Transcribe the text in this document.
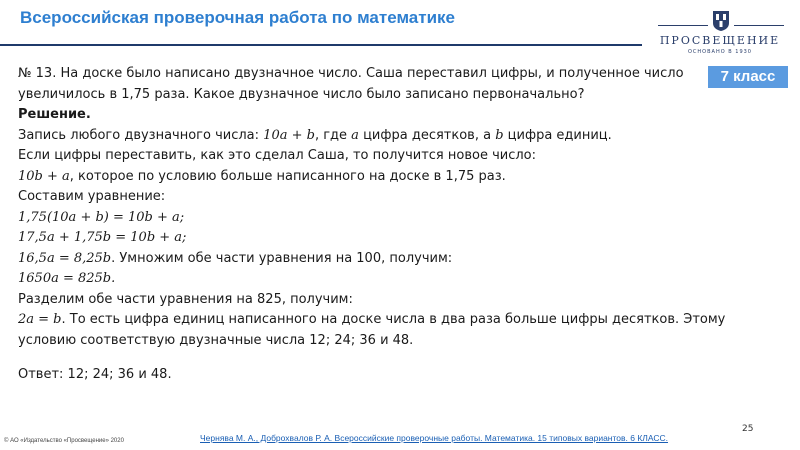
Всероссийская проверочная работа по математике
ПРОСВЕЩЕНИЕ
ОСНОВАНО В 1930
7 класс
№ 13. На доске было написано двузначное число. Саша переставил цифры, и полученное число
увеличилось в 1,75 раза. Какое двузначное число было записано первоначально?
Решение.
Запись любого двузначного числа: 10a + b, где a цифра десятков, а b цифра единиц.
Если цифры переставить, как это сделал Саша, то получится новое число:
10b + a, которое по условию больше написанного на доске в 1,75 раз.
Составим уравнение:
1,75(10a + b) = 10b + a;
17,5a + 1,75b = 10b + a;
16,5a = 8,25b. Умножим обе части уравнения на 100, получим:
1650a = 825b.
Разделим обе части уравнения на 825, получим:
2a = b. То есть цифра единиц написанного на доске числа в два раза больше цифры десятков. Этому
условию соответствую двузначные числа 12; 24; 36 и 48.
Ответ: 12; 24; 36 и 48.
25
Чернява М. А., Доброхвалов Р. А. Всероссийские проверочные работы. Математика. 15 типовых вариантов. 6 КЛАСС.
© АО «Издательство «Просвещение» 2020
